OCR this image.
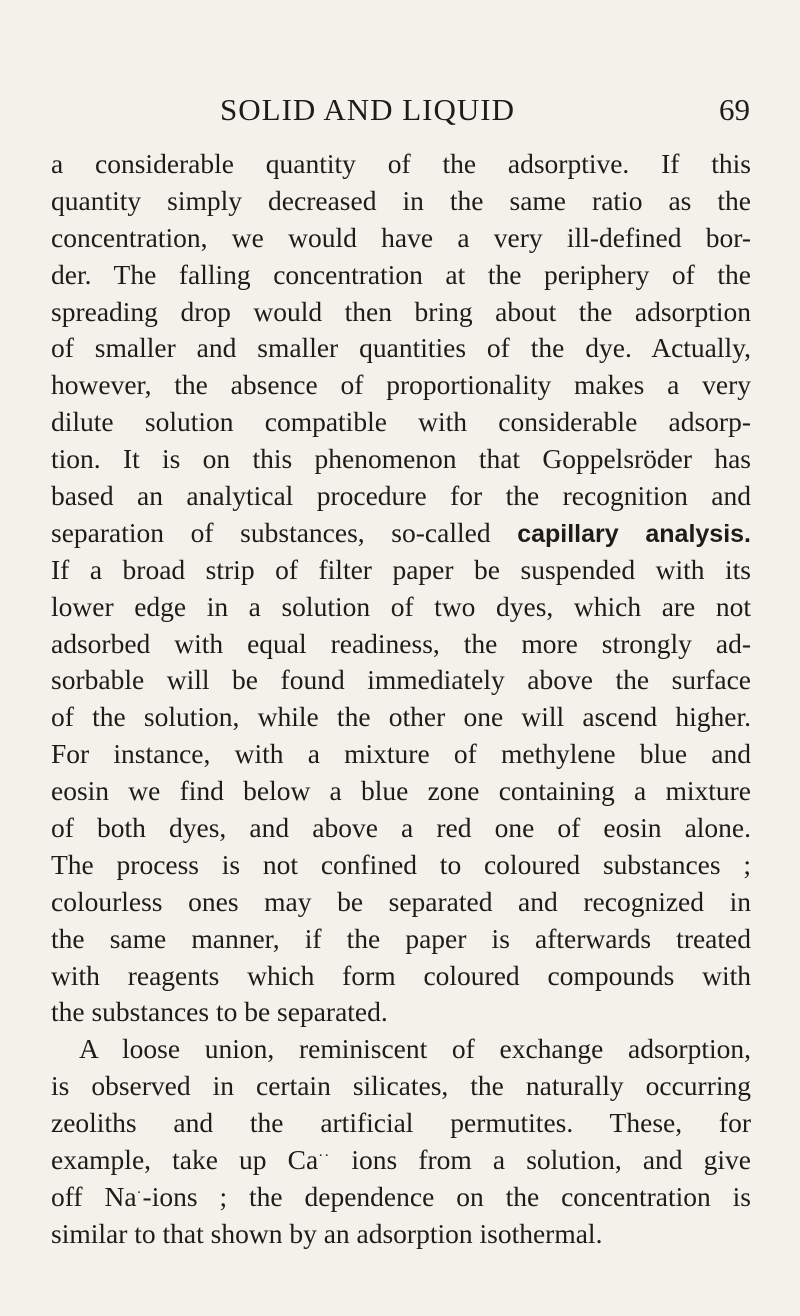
SOLID AND LIQUID	69
a considerable quantity of the adsorptive. If this
quantity simply decreased in the same ratio as the
concentration, we would have a very ill-defined bor-
der. The falling concentration at the periphery of the
spreading drop would then bring about the adsorption
of smaller and smaller quantities of the dye. Actually,
however, the absence of proportionality makes a very
dilute solution compatible with considerable adsorp-
tion. It is on this phenomenon that Goppelsröder has
based an analytical procedure for the recognition and
separation of substances, so-called capillary analysis.
If a broad strip of filter paper be suspended with its
lower edge in a solution of two dyes, which are not
adsorbed with equal readiness, the more strongly ad-
sorbable will be found immediately above the surface
of the solution, while the other one will ascend higher.
For instance, with a mixture of methylene blue and
eosin we find below a blue zone containing a mixture
of both dyes, and above a red one of eosin alone.
The process is not confined to coloured substances ;
colourless ones may be separated and recognized in
the same manner, if the paper is afterwards treated
with reagents which form coloured compounds with
the substances to be separated.
A loose union, reminiscent of exchange adsorption,
is observed in certain silicates, the naturally occurring
zeoliths and the artificial permutites. These, for
example, take up Ca·· ions from a solution, and give
off Na·-ions ; the dependence on the concentration is
similar to that shown by an adsorption isothermal.
